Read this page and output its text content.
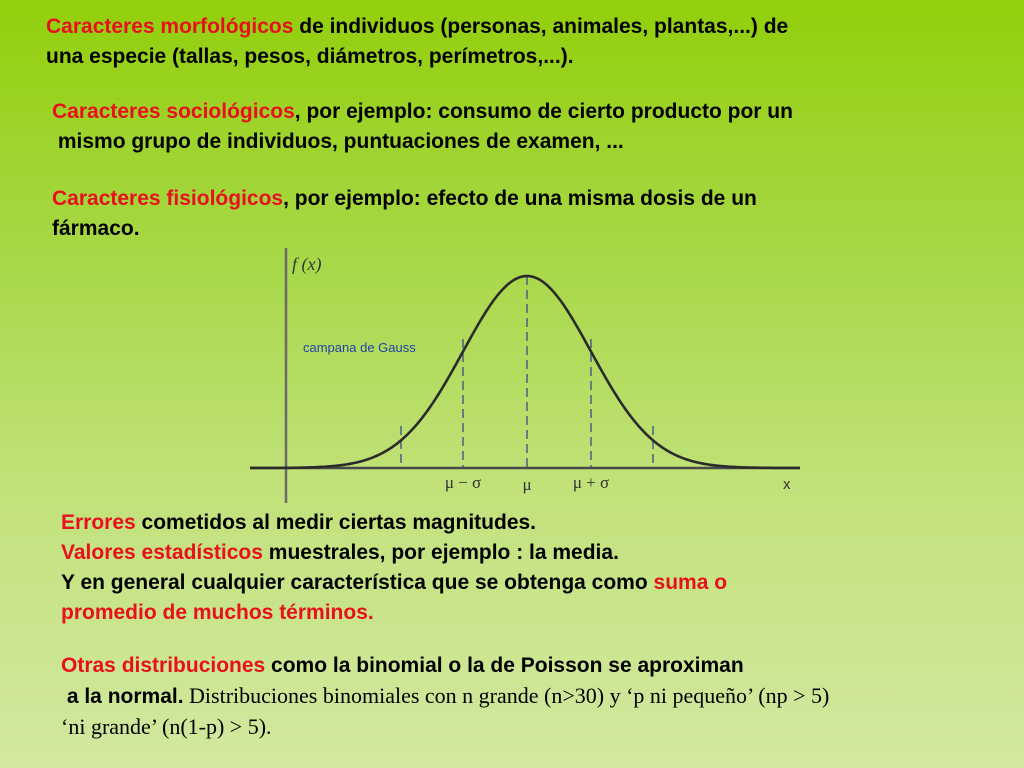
Caracteres morfológicos de individuos (personas, animales, plantas,...) de
una especie (tallas, pesos, diámetros, perímetros,...).
Caracteres sociológicos, por ejemplo: consumo de cierto producto por un
mismo grupo de individuos, puntuaciones de examen, ...
Caracteres fisiológicos, por ejemplo: efecto de una misma dosis de un
fármaco.
f (x)
campana de Gauss
μ − σ μ μ + σ	x
Errores cometidos al medir ciertas magnitudes.
Valores estadísticos muestrales, por ejemplo : la media.
Y en general cualquier característica que se obtenga como suma o
promedio de muchos términos.
Otras distribuciones como la binomial o la de Poisson se aproximan
a la normal. Distribuciones binomiales con n grande (n>30) y ‘p ni pequeño’ (np > 5)
‘ni grande’ (n(1-p) > 5).
